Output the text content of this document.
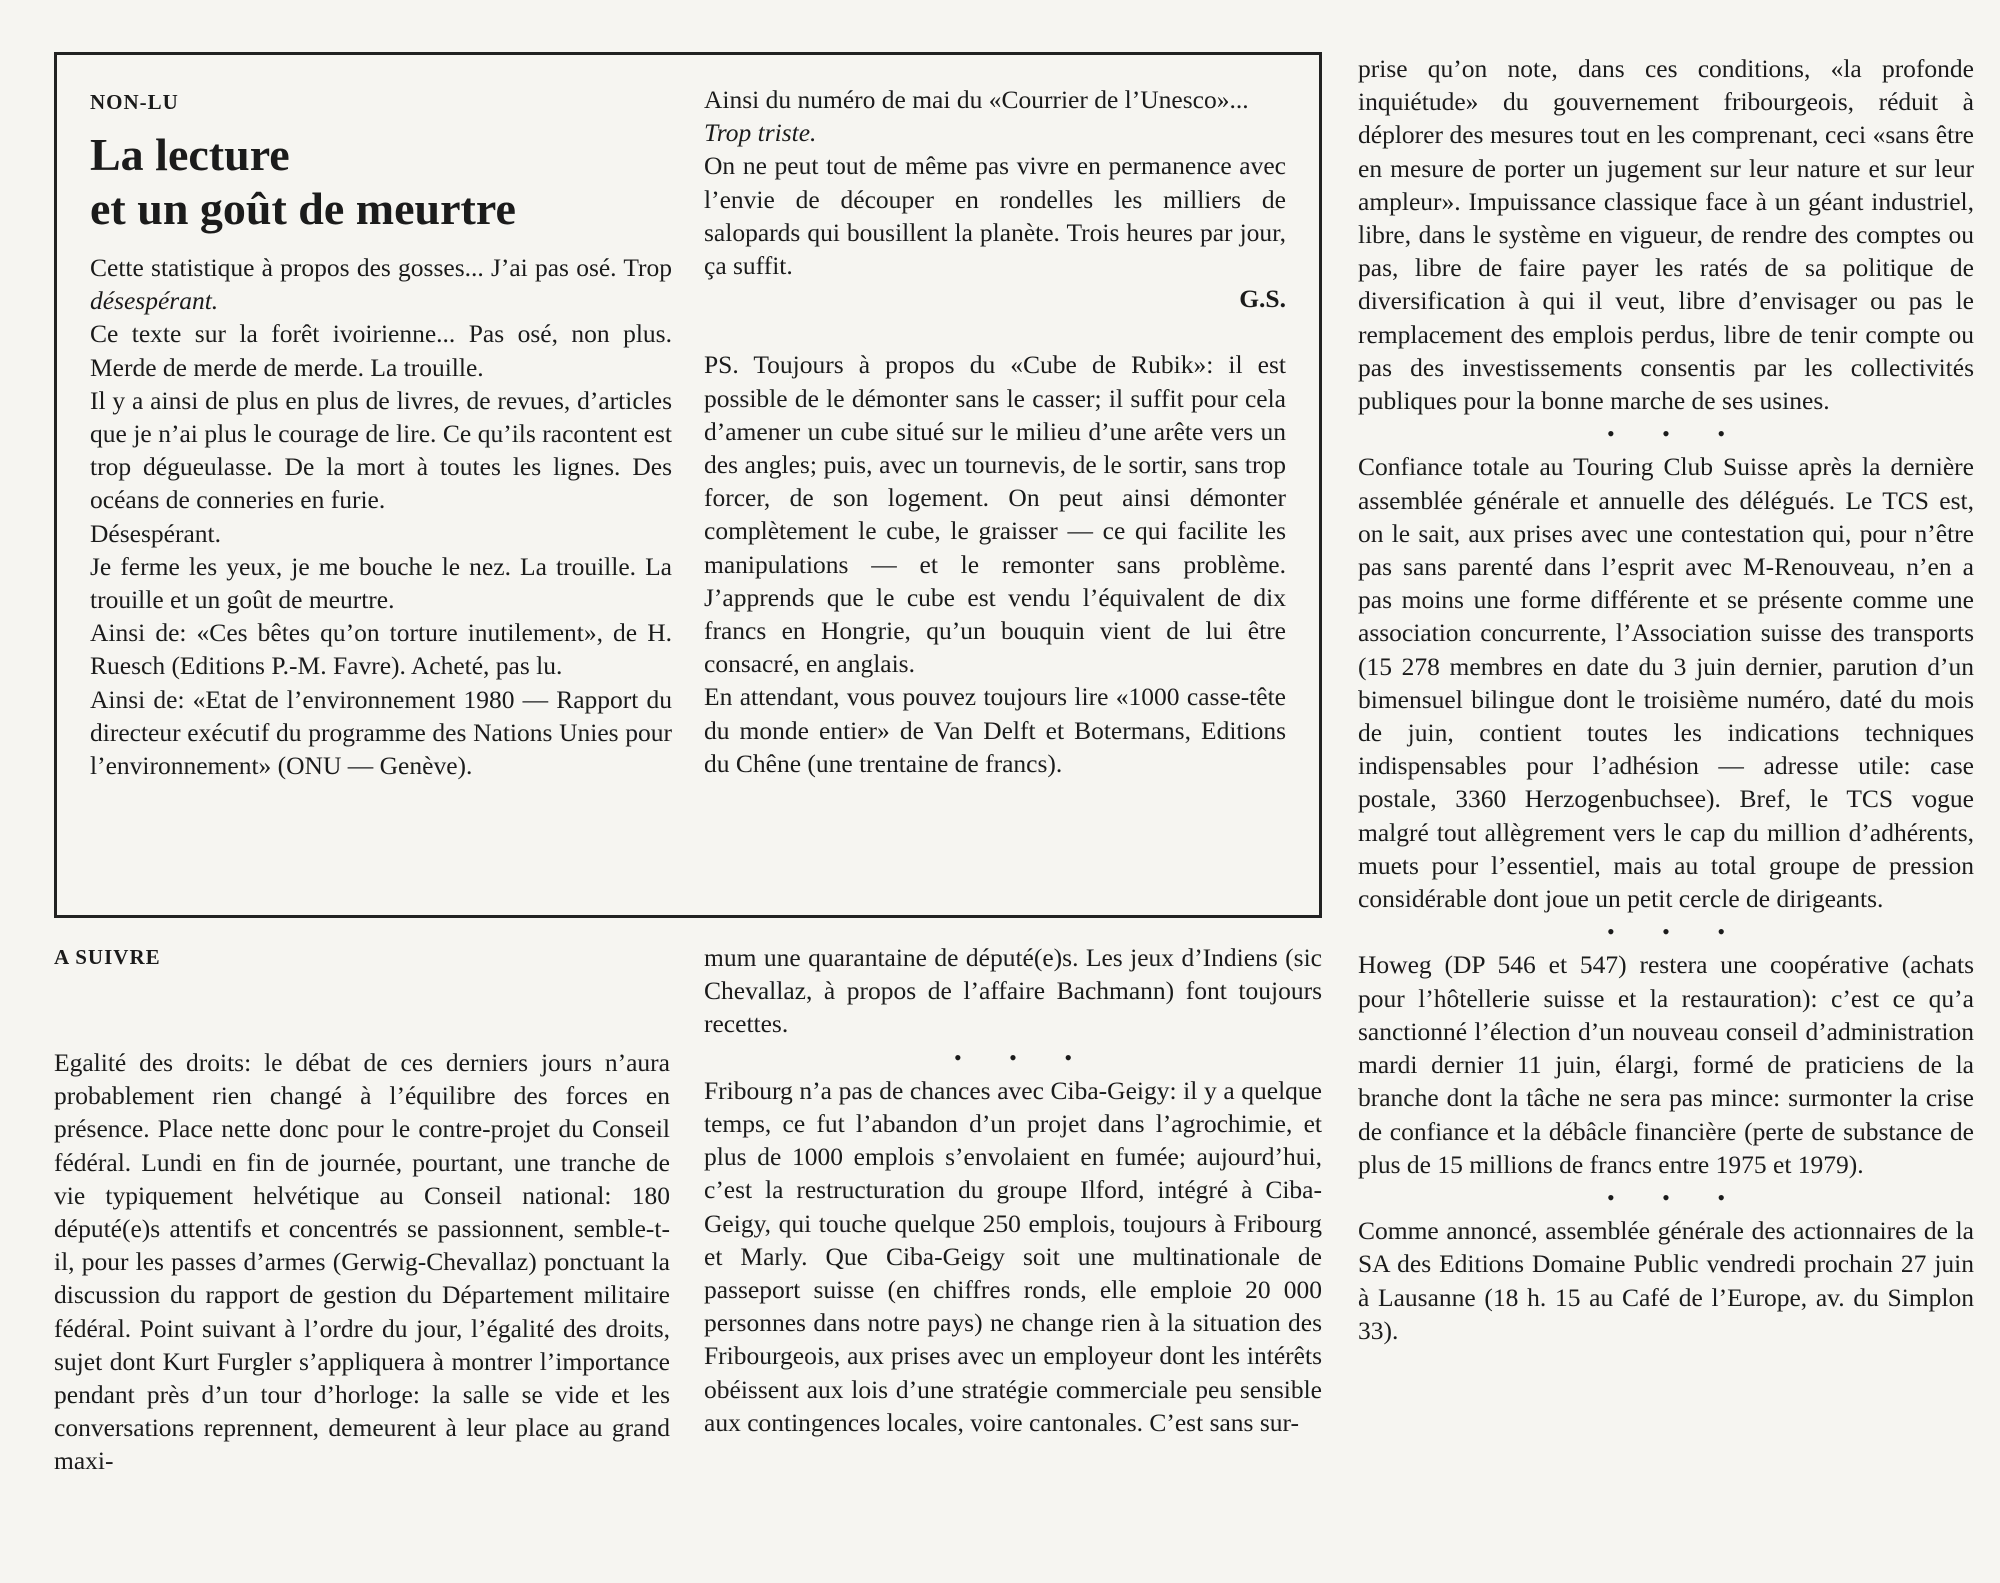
NON-LU
La lecture
et un goût de meurtre

Cette statistique à propos des gosses... J’ai pas osé. Trop désespérant.

Ce texte sur la forêt ivoirienne... Pas osé, non plus. Merde de merde de merde. La trouille.

Il y a ainsi de plus en plus de livres, de revues, d’articles que je n’ai plus le courage de lire. Ce qu’ils racontent est trop dégueulasse. De la mort à toutes les lignes. Des océans de conneries en furie.

Désespérant.

Je ferme les yeux, je me bouche le nez. La trouille. La trouille et un goût de meurtre.

Ainsi de: «Ces bêtes qu’on torture inutilement», de H. Ruesch (Editions P.-M. Favre). Acheté, pas lu.

Ainsi de: «Etat de l’environnement 1980 — Rapport du directeur exécutif du programme des Nations Unies pour l’environnement» (ONU — Genève).

Ainsi du numéro de mai du «Courrier de l’Unesco»...

Trop triste.

On ne peut tout de même pas vivre en permanence avec l’envie de découper en rondelles les milliers de salopards qui bousillent la planète. Trois heures par jour, ça suffit.

G.S.

PS. Toujours à propos du «Cube de Rubik»: il est possible de le démonter sans le casser; il suffit pour cela d’amener un cube situé sur le milieu d’une arête vers un des angles; puis, avec un tournevis, de le sortir, sans trop forcer, de son logement. On peut ainsi démonter complètement le cube, le graisser — ce qui facilite les manipulations — et le remonter sans problème. J’apprends que le cube est vendu l’équivalent de dix francs en Hongrie, qu’un bouquin vient de lui être consacré, en anglais.

En attendant, vous pouvez toujours lire «1000 casse-tête du monde entier» de Van Delft et Botermans, Editions du Chêne (une trentaine de francs).

A SUIVRE

Egalité des droits: le débat de ces derniers jours n’aura probablement rien changé à l’équilibre des forces en présence. Place nette donc pour le contre-projet du Conseil fédéral. Lundi en fin de journée, pourtant, une tranche de vie typiquement helvétique au Conseil national: 180 député(e)s attentifs et concentrés se passionnent, semble-t-il, pour les passes d’armes (Gerwig-Chevallaz) ponctuant la discussion du rapport de gestion du Département militaire fédéral. Point suivant à l’ordre du jour, l’égalité des droits, sujet dont Kurt Furgler s’appliquera à montrer l’importance pendant près d’un tour d’horloge: la salle se vide et les conversations reprennent, demeurent à leur place au grand maxi-

mum une quarantaine de député(e)s. Les jeux d’Indiens (sic Chevallaz, à propos de l’affaire Bachmann) font toujours recettes.

• • •

Fribourg n’a pas de chances avec Ciba-Geigy: il y a quelque temps, ce fut l’abandon d’un projet dans l’agrochimie, et plus de 1000 emplois s’envolaient en fumée; aujourd’hui, c’est la restructuration du groupe Ilford, intégré à Ciba-Geigy, qui touche quelque 250 emplois, toujours à Fribourg et Marly. Que Ciba-Geigy soit une multinationale de passeport suisse (en chiffres ronds, elle emploie 20 000 personnes dans notre pays) ne change rien à la situation des Fribourgeois, aux prises avec un employeur dont les intérêts obéissent aux lois d’une stratégie commerciale peu sensible aux contingences locales, voire cantonales. C’est sans sur-

prise qu’on note, dans ces conditions, «la profonde inquiétude» du gouvernement fribourgeois, réduit à déplorer des mesures tout en les comprenant, ceci «sans être en mesure de porter un jugement sur leur nature et sur leur ampleur». Impuissance classique face à un géant industriel, libre, dans le système en vigueur, de rendre des comptes ou pas, libre de faire payer les ratés de sa politique de diversification à qui il veut, libre d’envisager ou pas le remplacement des emplois perdus, libre de tenir compte ou pas des investissements consentis par les collectivités publiques pour la bonne marche de ses usines.

• • •

Confiance totale au Touring Club Suisse après la dernière assemblée générale et annuelle des délégués. Le TCS est, on le sait, aux prises avec une contestation qui, pour n’être pas sans parenté dans l’esprit avec M-Renouveau, n’en a pas moins une forme différente et se présente comme une association concurrente, l’Association suisse des transports (15 278 membres en date du 3 juin dernier, parution d’un bimensuel bilingue dont le troisième numéro, daté du mois de juin, contient toutes les indications techniques indispensables pour l’adhésion — adresse utile: case postale, 3360 Herzogenbuchsee). Bref, le TCS vogue malgré tout allègrement vers le cap du million d’adhérents, muets pour l’essentiel, mais au total groupe de pression considérable dont joue un petit cercle de dirigeants.

• • •

Howeg (DP 546 et 547) restera une coopérative (achats pour l’hôtellerie suisse et la restauration): c’est ce qu’a sanctionné l’élection d’un nouveau conseil d’administration mardi dernier 11 juin, élargi, formé de praticiens de la branche dont la tâche ne sera pas mince: surmonter la crise de confiance et la débâcle financière (perte de substance de plus de 15 millions de francs entre 1975 et 1979).

• • •

Comme annoncé, assemblée générale des actionnaires de la SA des Editions Domaine Public vendredi prochain 27 juin à Lausanne (18 h. 15 au Café de l’Europe, av. du Simplon 33).
